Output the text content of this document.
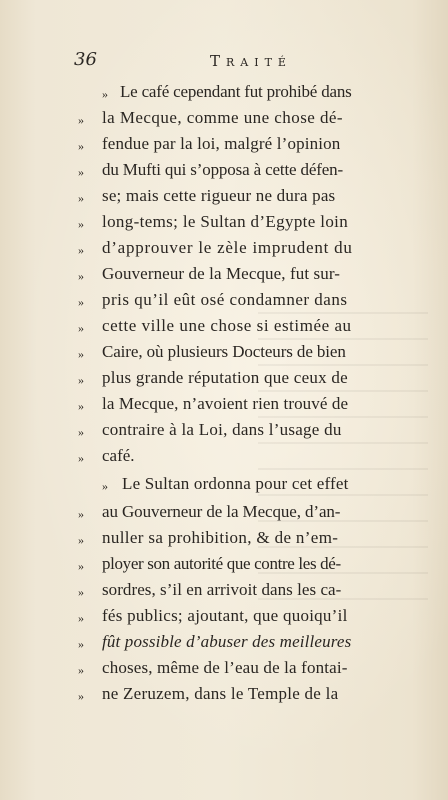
36	Traité
» Le café cependant fut prohibé dans
» la Mecque, comme une chose dé-
» fendue par la loi, malgré l’opinion
» du Mufti qui s’opposa à cette défen-
» se; mais cette rigueur ne dura pas
» long-tems; le Sultan d’Egypte loin
» d’approuver le zèle imprudent du
» Gouverneur de la Mecque, fut sur-
» pris qu’il eût osé condamner dans
» cette ville une chose si estimée au
» Caire, où plusieurs Docteurs de bien
» plus grande réputation que ceux de
» la Mecque, n’avoient rien trouvé de
» contraire à la Loi, dans l’usage du
» café.
» Le Sultan ordonna pour cet effet
» au Gouverneur de la Mecque, d’an-
» nuller sa prohibition, & de n’em-
» ployer son autorité que contre les dé-
» sordres, s’il en arrivoit dans les ca-
» fés publics; ajoutant, que quoiqu’il
» fût possible d’abuser des meilleures
» choses, même de l’eau de la fontai-
» ne Zeruzem, dans le Temple de la
